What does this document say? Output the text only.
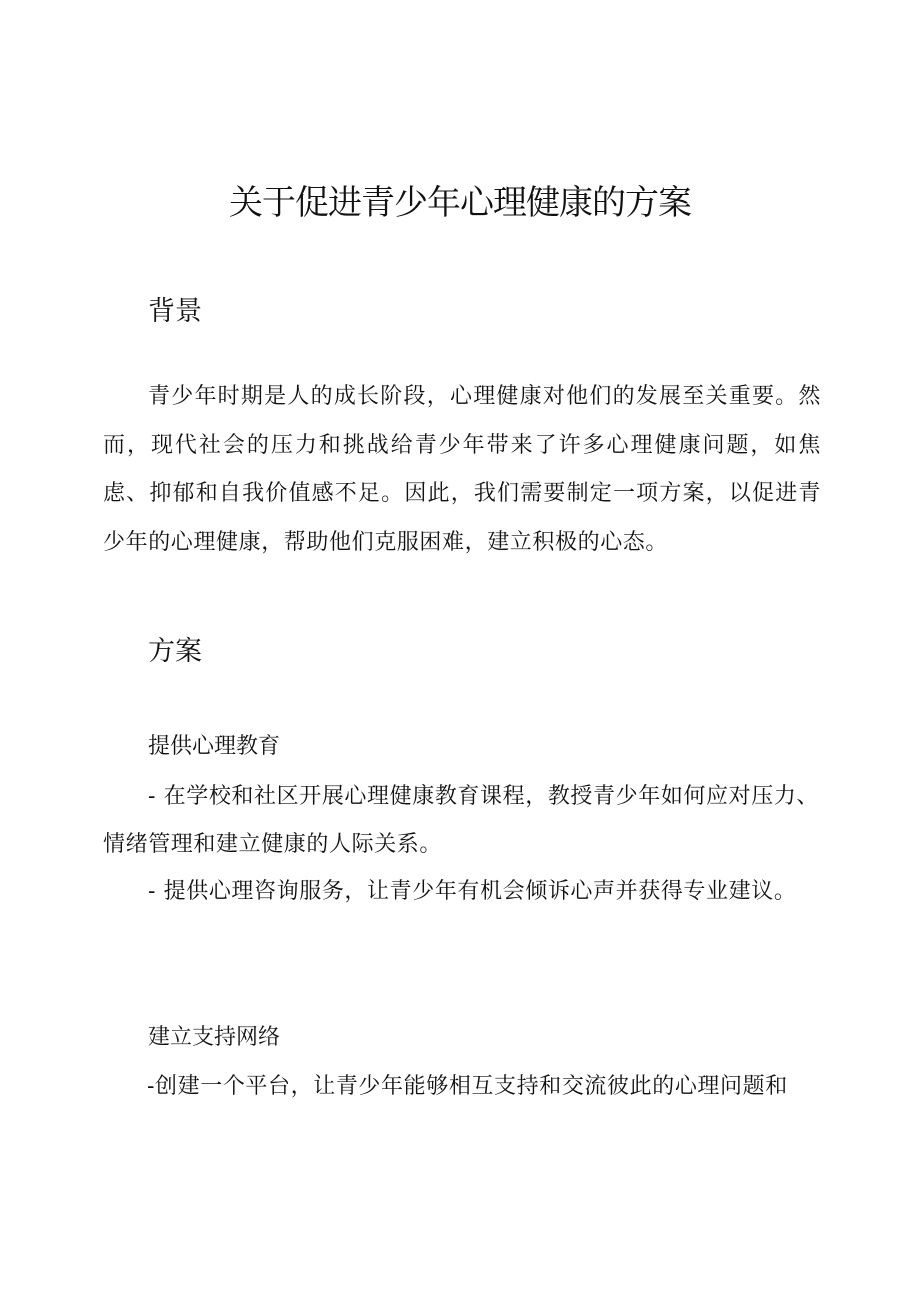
关于促进青少年心理健康的方案
背景

青少年时期是人的成长阶段，心理健康对他们的发展至关重要。然而，现代社会的压力和挑战给青少年带来了许多心理健康问题，如焦虑、抑郁和自我价值感不足。因此，我们需要制定一项方案，以促进青少年的心理健康，帮助他们克服困难，建立积极的心态。

方案
提供心理教育

- 在学校和社区开展心理健康教育课程，教授青少年如何应对压力、情绪管理和建立健康的人际关系。

- 提供心理咨询服务，让青少年有机会倾诉心声并获得专业建议。

建立支持网络

-创建一个平台，让青少年能够相互支持和交流彼此的心理问题和
